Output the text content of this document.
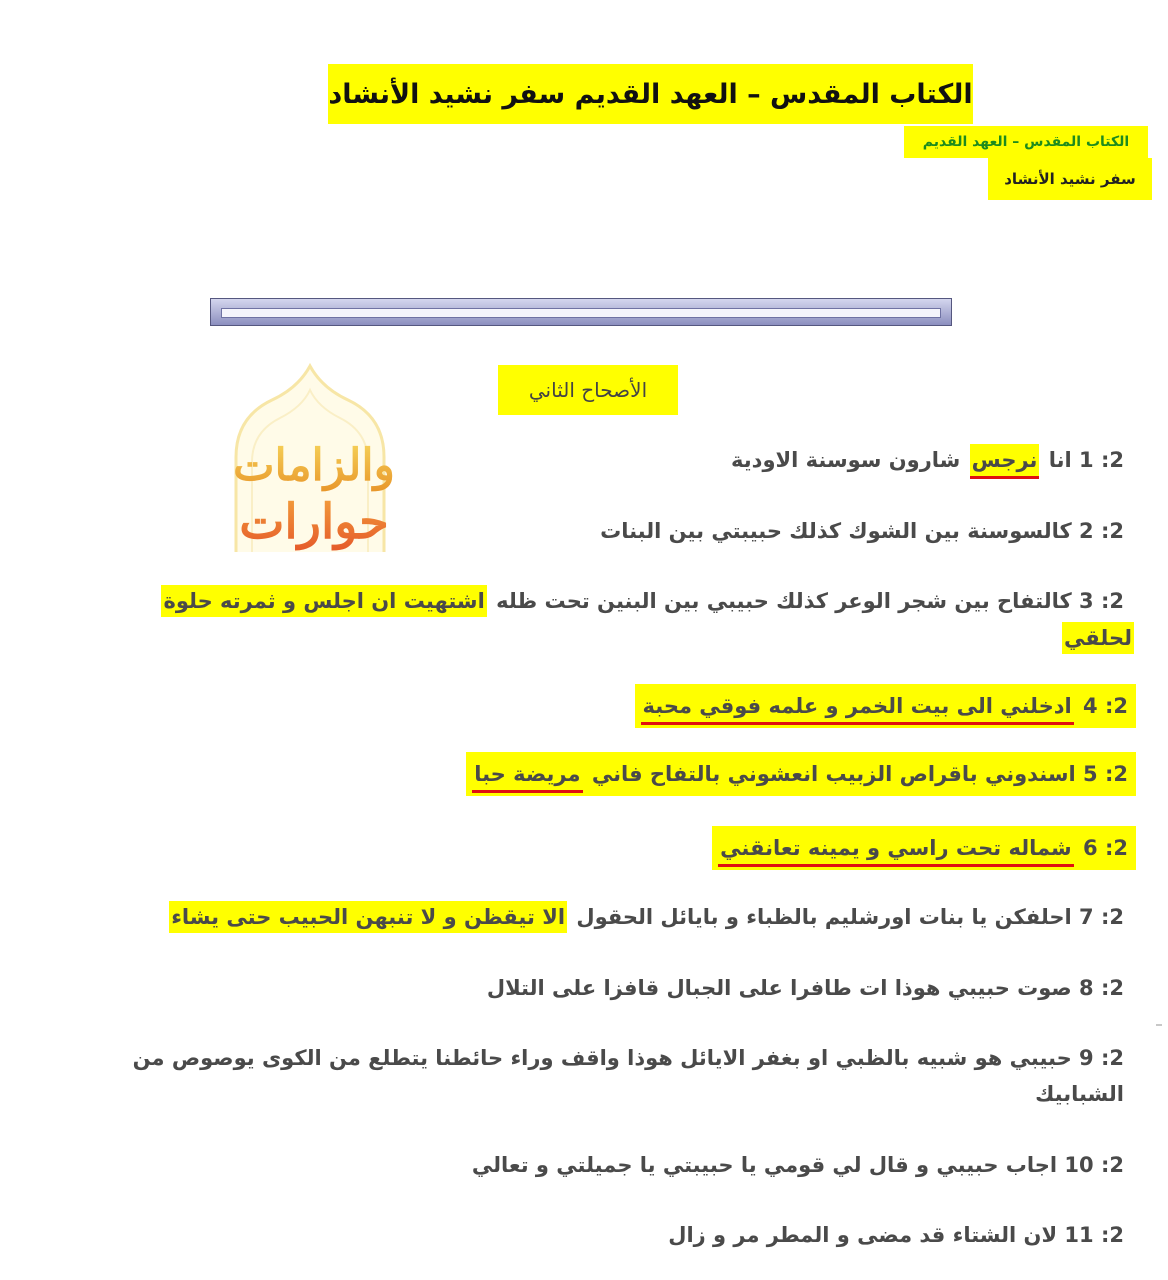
الكتاب المقدس – العهد القديم سفر نشيد الأنشاد
الكتاب المقدس – العهد القديم
سفر نشيد الأنشاد
الأصحاح الثاني
والزامات
حوارات
2: 1 انا نرجس شارون سوسنة الاودية
2: 2 كالسوسنة بين الشوك كذلك حبيبتي بين البنات
2: 3 كالتفاح بين شجر الوعر كذلك حبيبي بين البنين تحت ظله اشتهيت ان اجلس و ثمرته حلوة
لحلقي
2: 4 ادخلني الى بيت الخمر و علمه فوقي محبة
2: 5 اسندوني باقراص الزبيب انعشوني بالتفاح فاني مريضة حبا
2: 6 شماله تحت راسي و يمينه تعانقني
2: 7 احلفكن يا بنات اورشليم بالظباء و بايائل الحقول الا تيقظن و لا تنبهن الحبيب حتى يشاء
2: 8 صوت حبيبي هوذا ات طافرا على الجبال قافزا على التلال
2: 9 حبيبي هو شبيه بالظبي او بغفر الايائل هوذا واقف وراء حائطنا يتطلع من الكوى يوصوص من
الشبابيك
2: 10 اجاب حبيبي و قال لي قومي يا حبيبتي يا جميلتي و تعالي
2: 11 لان الشتاء قد مضى و المطر مر و زال
